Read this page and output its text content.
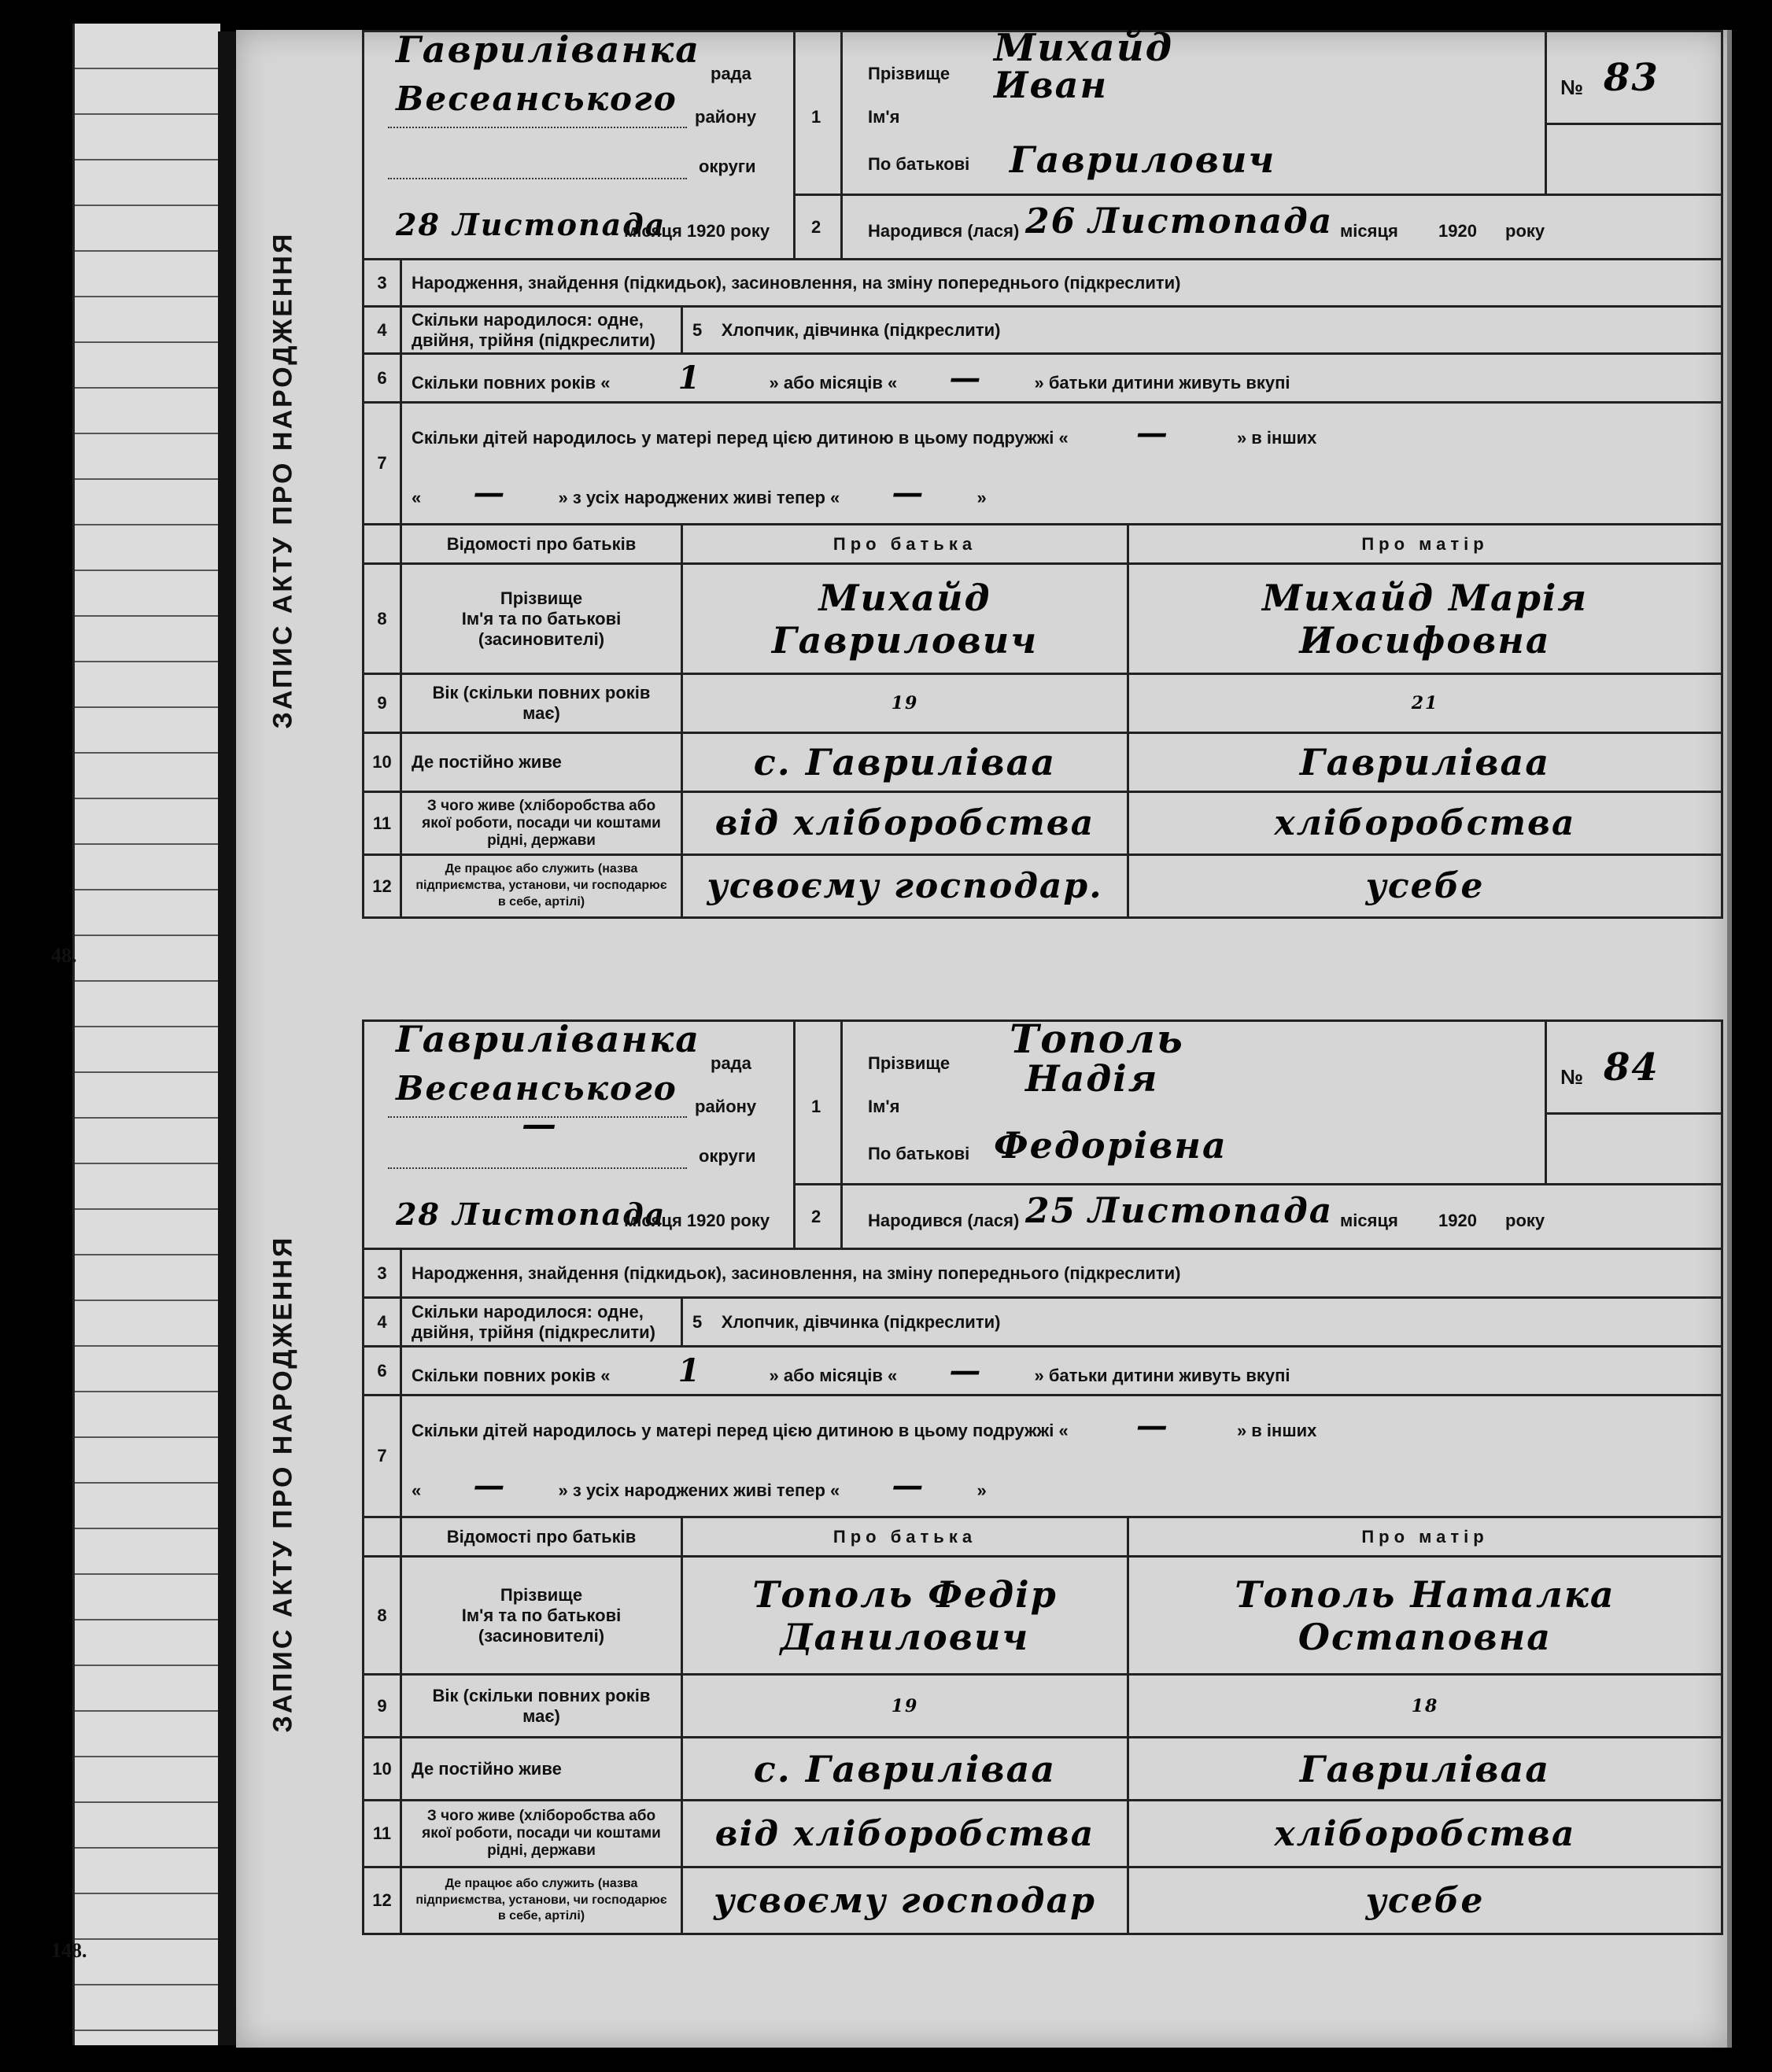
48.
148.
ЗАПИС АКТУ ПРО НАРОДЖЕННЯ
Гавриліванка
рада
Весеанського району
округи
28 Листопада
місяця 1920 року
1
2
Прізвище
Михайд
Ім'я
Иван
По батькові Гаврилович
Народився (лася) 26 Листопада місяця 1920 року
№ 83
3	Народження, знайдення (підкидьок), засиновлення, на зміну попереднього (підкреслити)		
4	Скільки народилося: одне, двійня, трійня (підкреслити)	5    Хлопчик, дівчинка (підкреслити)	
6	Скільки повних років « 1 » або місяців « — » батьки дитини живуть вкупі		
7	Скільки дітей народилось у матері перед цією дитиною в цьому подружжі « — » в інших
« — » з усіх народжених живі тепер « — »		
	Відомості про батьків	Про батька	Про матір
8	Прізвище
Ім'я та по батькові
(засиновителі)	Михайд Гаврилович	Михайд Марія Иосифовна
9	Вік (скільки повних років має)	19	21
10	Де постійно живе	с. Гавриліваа	Гавриліваа
11	З чого живе (хліборобства або якої роботи, посади чи коштами рідні, держави	від хліборобства	хліборобства
12	Де працює або служить (назва підприємства, установи, чи господарює в себе, артілі)	усвоєму господар.	усебе
ЗАПИС АКТУ ПРО НАРОДЖЕННЯ
Гавриліванка
рада
Весеанського району
—
округи
28 Листопада
місяця 1920 року
1
2
Прізвище
Тополь
Ім'я
Надія
По батькові Федорівна
Народився (лася) 25 Листопада місяця 1920 року
№ 84
3	Народження, знайдення (підкидьок), засиновлення, на зміну попереднього (підкреслити)		
4	Скільки народилося: одне, двійня, трійня (підкреслити)	5    Хлопчик, дівчинка (підкреслити)	
6	Скільки повних років « 1 » або місяців « — » батьки дитини живуть вкупі		
7	Скільки дітей народилось у матері перед цією дитиною в цьому подружжі « — » в інших
« — » з усіх народжених живі тепер « — »		
	Відомості про батьків	Про батька	Про матір
8	Прізвище
Ім'я та по батькові
(засиновителі)	Тополь Федір Данилович	Тополь Наталка Остаповна
9	Вік (скільки повних років має)	19	18
10	Де постійно живе	с. Гавриліваа	Гавриліваа
11	З чого живе (хліборобства або якої роботи, посади чи коштами рідні, держави	від хліборобства	хліборобства
12	Де працює або служить (назва підприємства, установи, чи господарює в себе, артілі)	усвоєму господар	усебе
